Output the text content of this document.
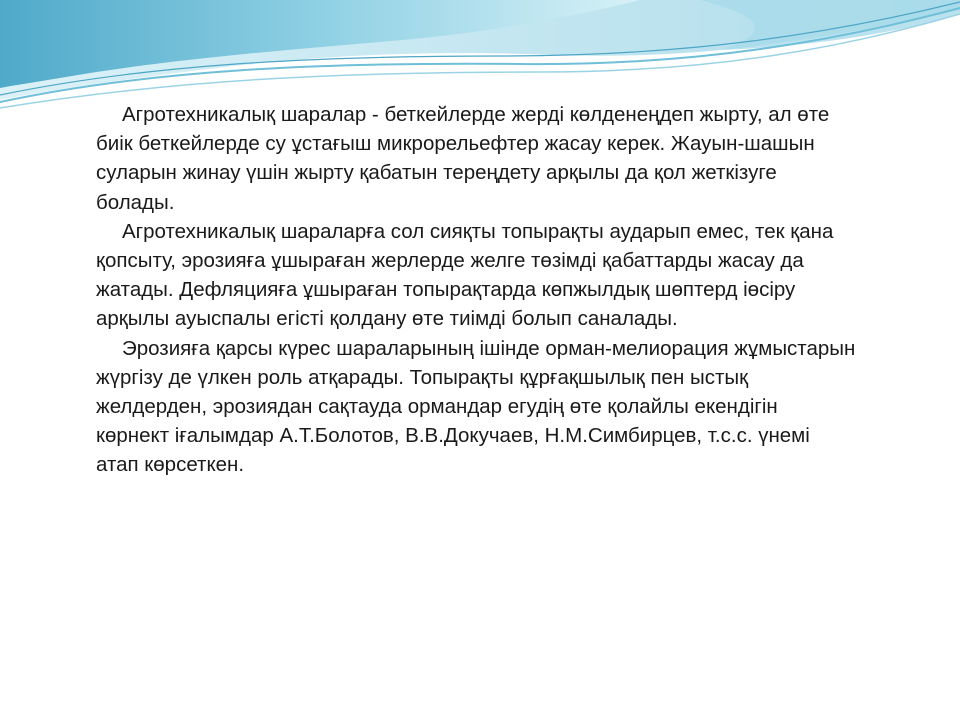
Агротехникалық шаралар - беткейлерде жерді көлденеңдеп жырту, ал өте биік беткейлерде су ұстағыш микрорельефтер жасау керек. Жауын-шашын суларын жинау үшін жырту қабатын тереңдету арқылы да қол жеткізуге болады.

Агротехникалық шараларға сол сияқты топырақты аударып емес, тек қана қопсыту, эрозияға ұшыраған жерлерде желге төзімді қабаттарды жасау да жатады. Дефляцияға ұшыраған топырақтарда көпжылдық шөптерд іөсіру арқылы ауыспалы егісті қолдану өте тиімді болып саналады.

Эрозияға қарсы күрес шараларының ішінде орман-мелиорация жұмыстарын жүргізу де үлкен роль атқарады. Топырақты құрғақшылық пен ыстық желдерден, эрозиядан сақтауда ормандар егудің өте қолайлы екендігін көрнект іғалымдар А.Т.Болотов, В.В.Докучаев, Н.М.Симбирцев, т.с.с. үнемі атап көрсеткен.
